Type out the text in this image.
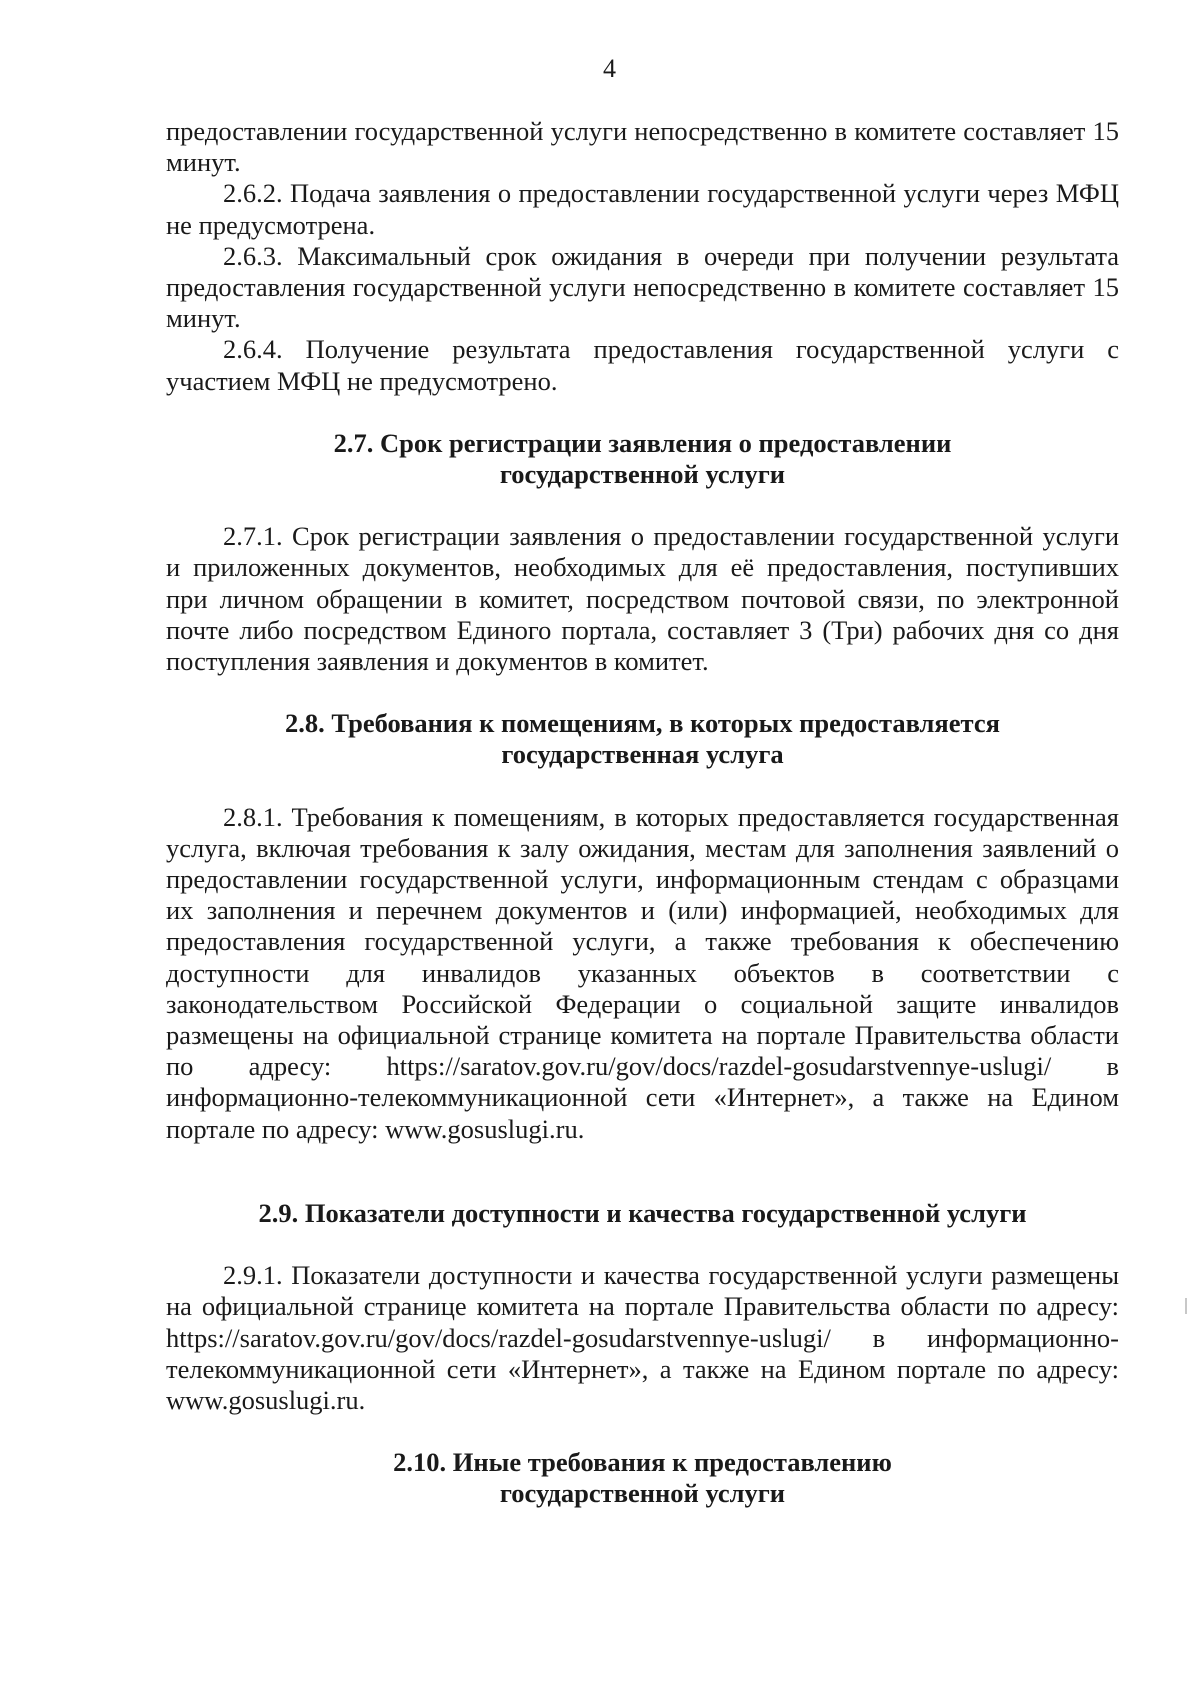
4

предоставлении государственной услуги непосредственно в комитете составляет 15 минут.

2.6.2. Подача заявления о предоставлении государственной услуги через МФЦ не предусмотрена.

2.6.3. Максимальный срок ожидания в очереди при получении результата предоставления государственной услуги непосредственно в комитете составляет 15 минут.

2.6.4. Получение результата предоставления государственной услуги с участием МФЦ не предусмотрено.

2.7. Срок регистрации заявления о предоставлении
государственной услуги

2.7.1. Срок регистрации заявления о предоставлении государственной услуги и приложенных документов, необходимых для её предоставления, поступивших при личном обращении в комитет, посредством почтовой связи, по электронной почте либо посредством Единого портала, составляет 3 (Три) рабочих дня со дня поступления заявления и документов в комитет.

2.8. Требования к помещениям, в которых предоставляется
государственная услуга

2.8.1. Требования к помещениям, в которых предоставляется государственная услуга, включая требования к залу ожидания, местам для заполнения заявлений о предоставлении государственной услуги, информационным стендам с образцами их заполнения и перечнем документов и (или) информацией, необходимых для предоставления государственной услуги, а также требования к обеспечению доступности для инвалидов указанных объектов в соответствии с законодательством Российской Федерации о социальной защите инвалидов размещены на официальной странице комитета на портале Правительства области по адресу: https://saratov.gov.ru/gov/docs/razdel-gosudarstvennye-uslugi/ в информационно-телекоммуникационной сети «Интернет», а также на Едином портале по адресу: www.gosuslugi.ru.

2.9. Показатели доступности и качества государственной услуги

2.9.1. Показатели доступности и качества государственной услуги размещены на официальной странице комитета на портале Правительства области по адресу: https://saratov.gov.ru/gov/docs/razdel-gosudarstvennye-uslugi/ в информационно-телекоммуникационной сети «Интернет», а также на Едином портале по адресу: www.gosuslugi.ru.

2.10. Иные требования к предоставлению
государственной услуги
